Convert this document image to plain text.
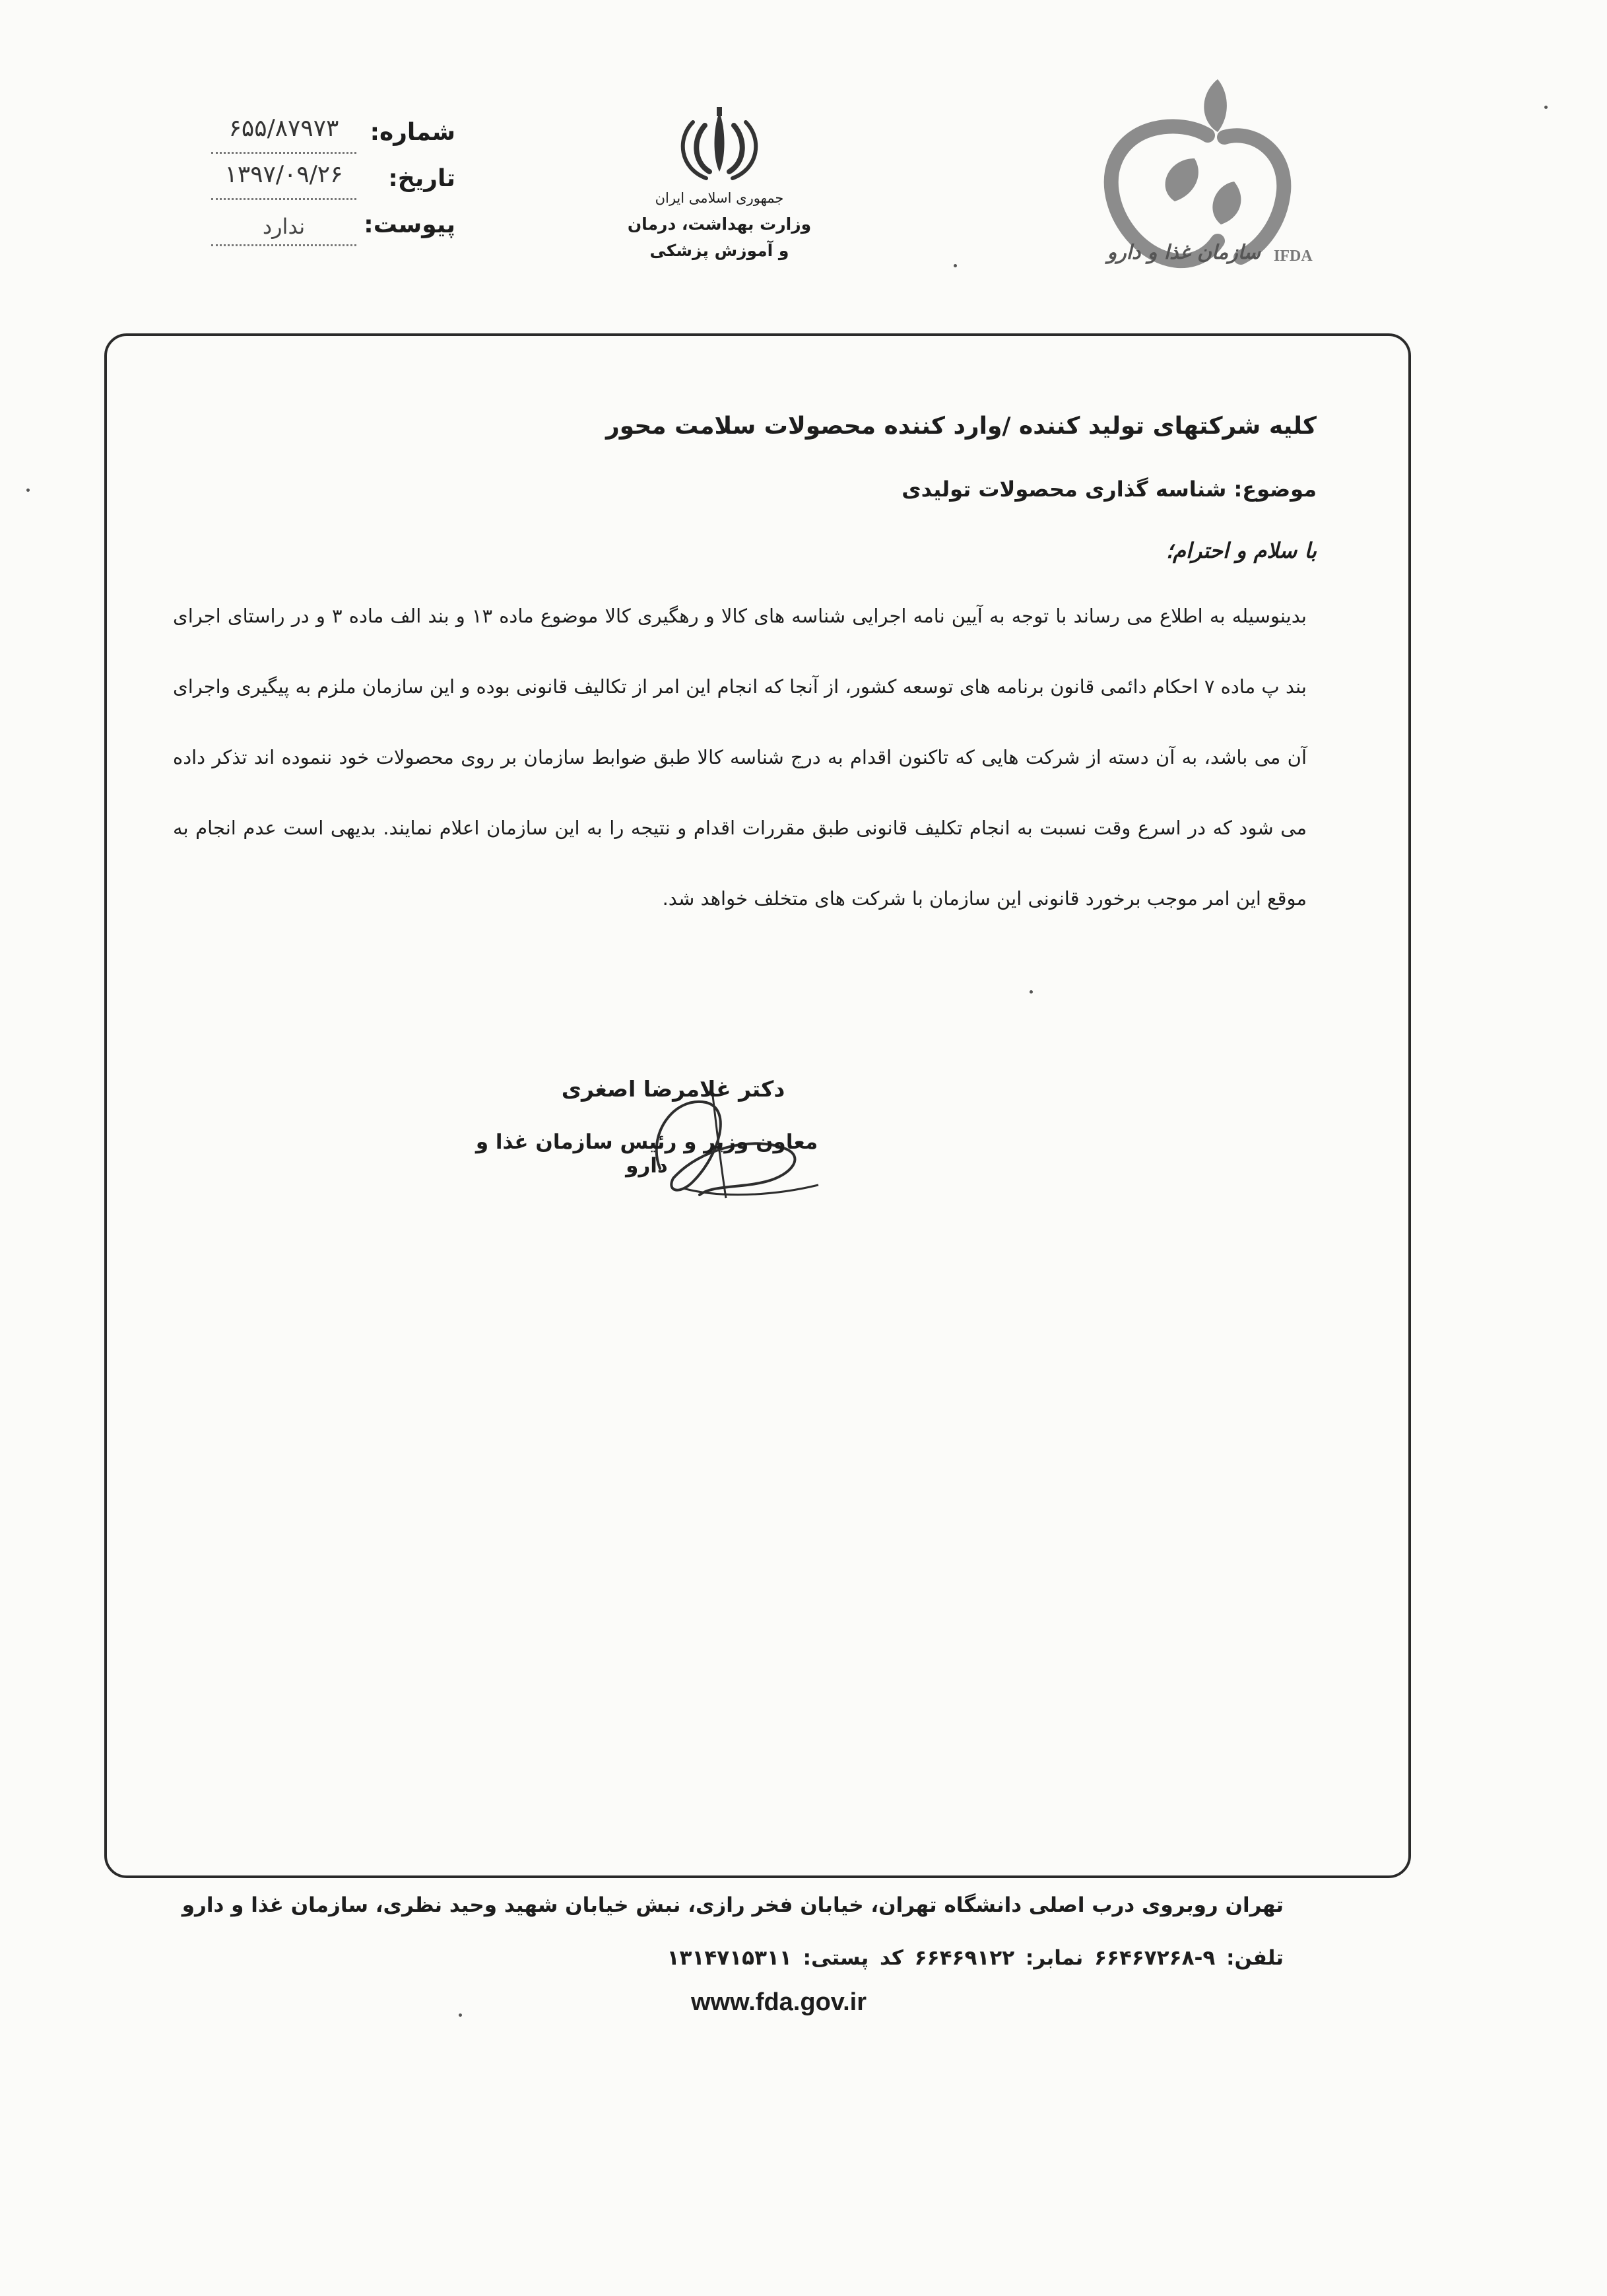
IFDA
سازمان غذا و دارو
جمهوری اسلامی ایران
وزارت بهداشت، درمان
و آموزش پزشکی
شماره:
۶۵۵/۸۷۹۷۳
تاریخ:
۱۳۹۷/۰۹/۲۶
پیوست:
ندارد
کلیه شرکتهای تولید کننده /وارد کننده محصولات سلامت محور
موضوع: شناسه گذاری محصولات تولیدی
با سلام و احترام؛

بدینوسیله به اطلاع می رساند با توجه به آیین نامه اجرایی شناسه های کالا و رهگیری کالا موضوع ماده ۱۳ و بند الف ماده ۳ و در راستای اجرای بند پ ماده ۷ احکام دائمی قانون برنامه های توسعه کشور، از آنجا که انجام این امر از تکالیف قانونی بوده و این سازمان ملزم به پیگیری واجرای آن می باشد، به آن دسته از شرکت هایی که تاکنون اقدام به درج شناسه کالا طبق ضوابط سازمان بر روی محصولات خود ننموده اند تذکر داده می شود که در اسرع وقت نسبت به انجام تکلیف قانونی طبق مقررات اقدام و نتیجه را به این سازمان اعلام نمایند. بدیهی است عدم انجام به موقع این امر موجب برخورد قانونی این سازمان با شرکت های متخلف خواهد شد.

دکتر غلامرضا اصغری
معاون وزیر و رئیس سازمان غذا و دارو
تهران روبروی درب اصلی دانشگاه تهران، خیابان فخر رازی، نبش خیابان شهید وحید نظری، سازمان غذا و دارو
تلفن: ۹-۶۶۴۶۷۲۶۸ نمابر: ۶۶۴۶۹۱۲۲ کد پستی: ۱۳۱۴۷۱۵۳۱۱
www.fda.gov.ir
